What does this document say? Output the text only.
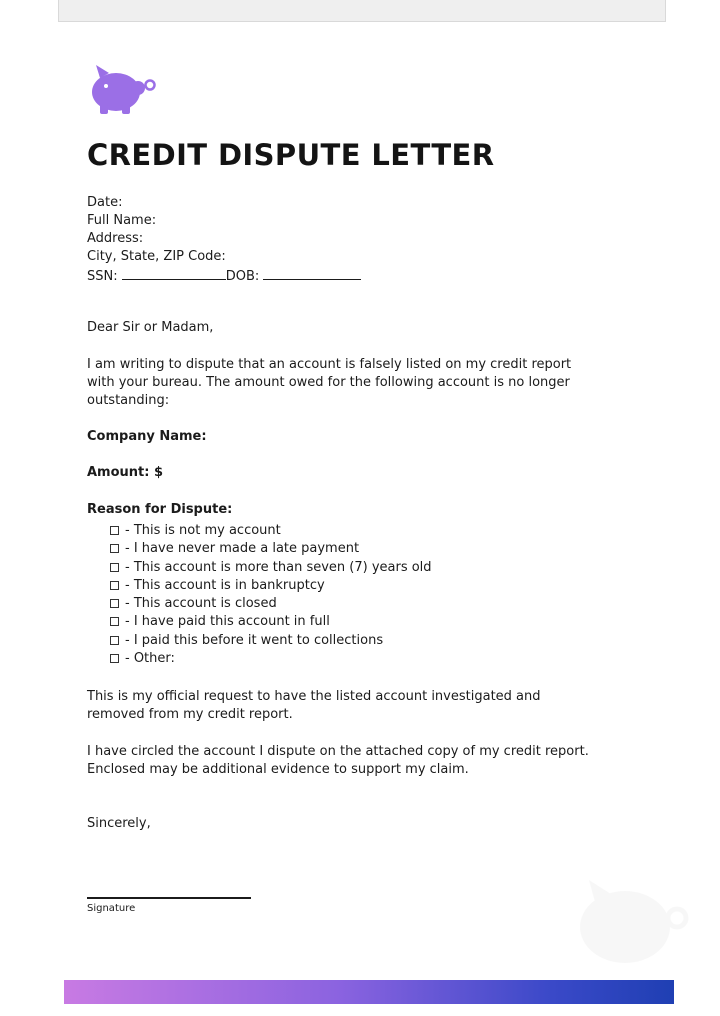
CREDIT DISPUTE LETTER
Date:
Full Name:
Address:
City, State, ZIP Code:
SSN:	DOB:
Dear Sir or Madam,
I am writing to dispute that an account is falsely listed on my credit report
with your bureau. The amount owed for the following account is no longer
outstanding:
Company Name:
Amount: $
Reason for Dispute:
- This is not my account
- I have never made a late payment
- This account is more than seven (7) years old
- This account is in bankruptcy
- This account is closed
- I have paid this account in full
- I paid this before it went to collections
- Other:
This is my official request to have the listed account investigated and
removed from my credit report.
I have circled the account I dispute on the attached copy of my credit report.
Enclosed may be additional evidence to support my claim.
Sincerely,
Signature
